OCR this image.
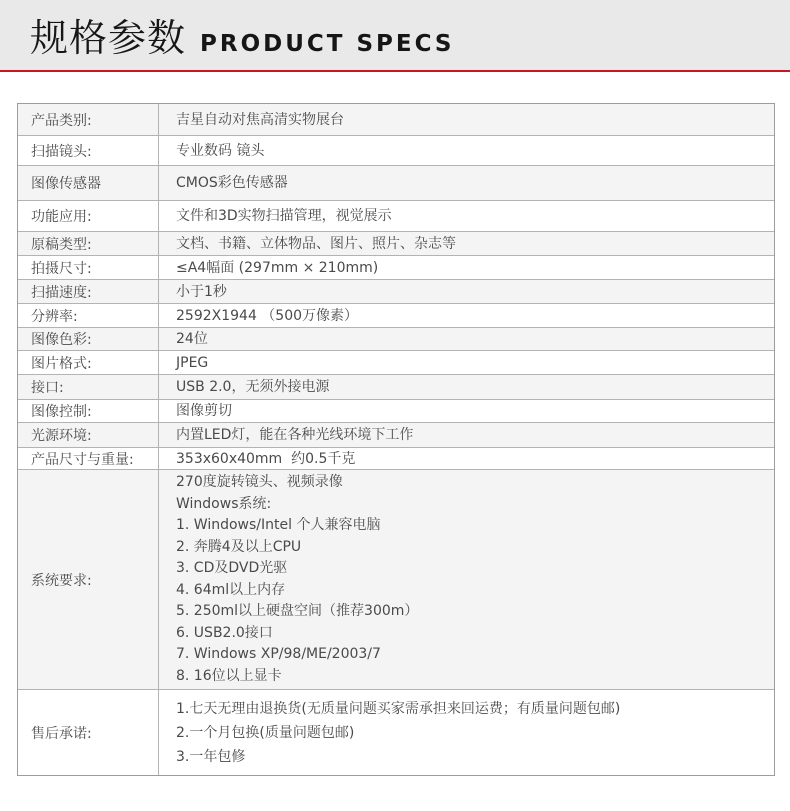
规格参数 PRODUCT SPECS
产品类别:	吉星自动对焦高清实物展台
扫描镜头:	专业数码 镜头
图像传感器	CMOS彩色传感器
功能应用:	文件和3D实物扫描管理，视觉展示
原稿类型:	文档、书籍、立体物品、图片、照片、杂志等
拍摄尺寸:	≤A4幅面 (297mm × 210mm)
扫描速度:	小于1秒
分辨率:	2592X1944 （500万像素）
图像色彩:	24位
图片格式:	JPEG
接口:	USB 2.0，无须外接电源
图像控制:	图像剪切
光源环境:	内置LED灯，能在各种光线环境下工作
产品尺寸与重量:	353x60x40mm  约0.5千克
系统要求:
270度旋转镜头、视频录像
Windows系统:
1. Windows/Intel 个人兼容电脑
2. 奔腾4及以上CPU
3. CD及DVD光驱
4. 64ml以上内存
5. 250ml以上硬盘空间（推荐300m）
6. USB2.0接口
7. Windows XP/98/ME/2003/7
8. 16位以上显卡
售后承诺:
1.七天无理由退换货(无质量问题买家需承担来回运费；有质量问题包邮)
2.一个月包换(质量问题包邮)
3.一年包修
